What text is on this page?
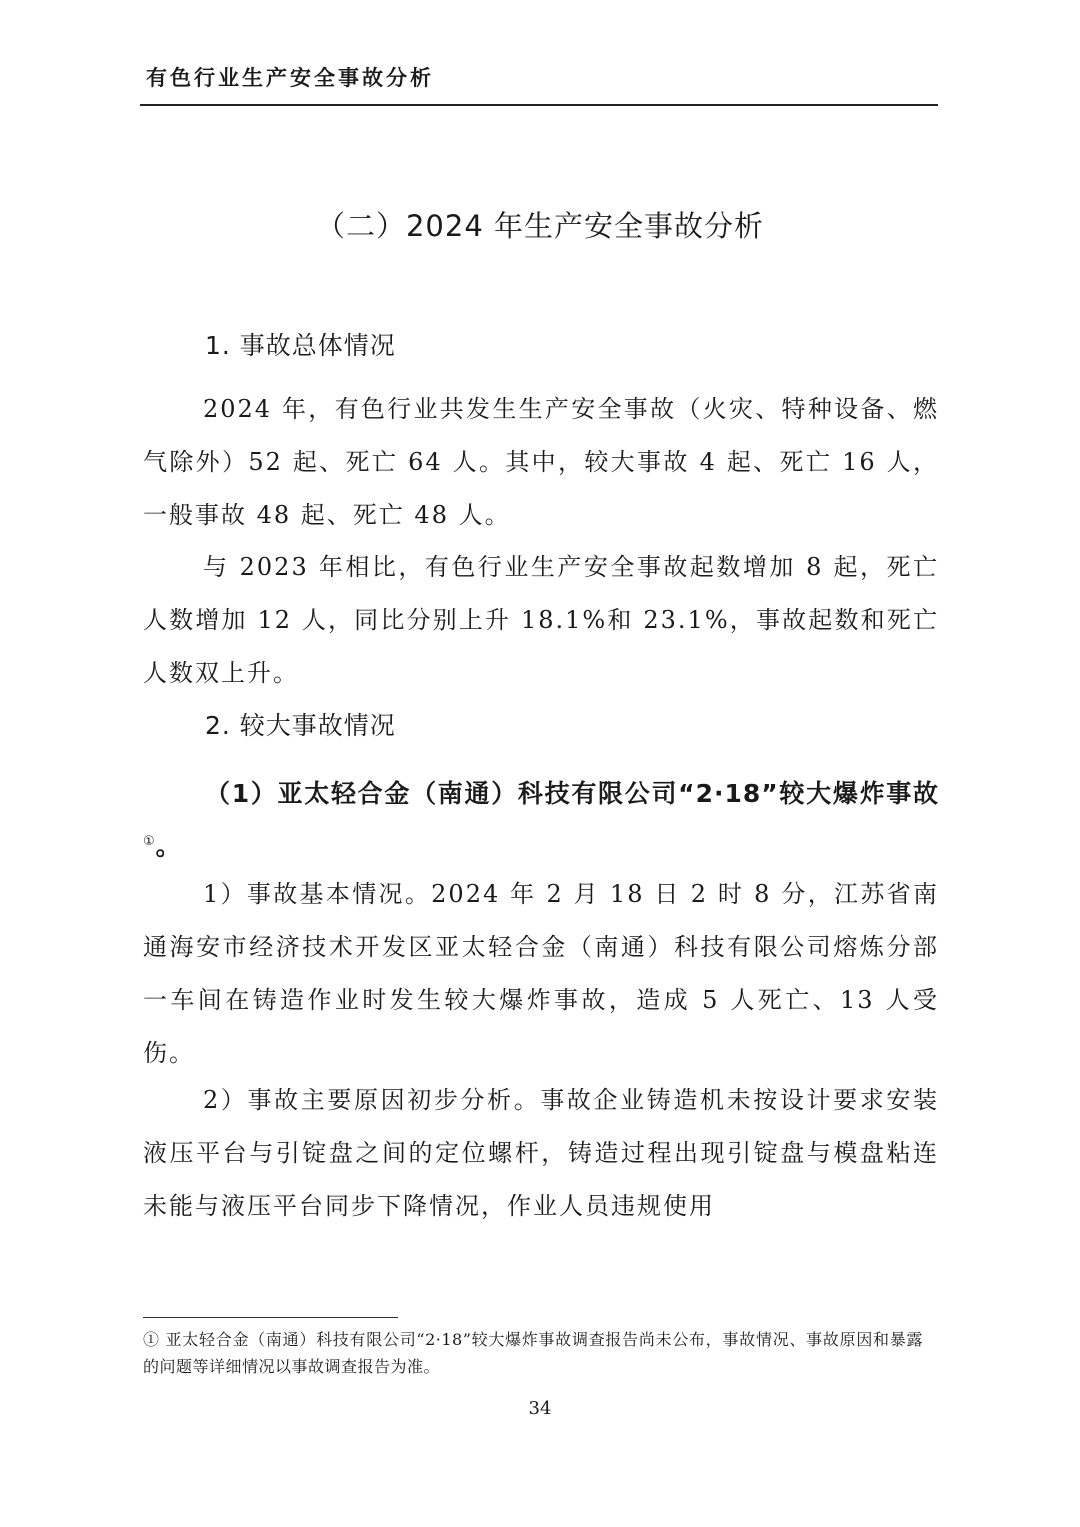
有色行业生产安全事故分析
（二）2024 年生产安全事故分析
1. 事故总体情况
2024 年，有色行业共发生生产安全事故（火灾、特种设备、燃气除外）52 起、死亡 64 人。其中，较大事故 4 起、死亡 16 人，一般事故 48 起、死亡 48 人。
与 2023 年相比，有色行业生产安全事故起数增加 8 起，死亡人数增加 12 人，同比分别上升 18.1%和 23.1%，事故起数和死亡人数双上升。
2. 较大事故情况
（1）亚太轻合金（南通）科技有限公司“2·18”较大爆炸事故①。
1）事故基本情况。2024 年 2 月 18 日 2 时 8 分，江苏省南通海安市经济技术开发区亚太轻合金（南通）科技有限公司熔炼分部一车间在铸造作业时发生较大爆炸事故，造成 5 人死亡、13 人受伤。
2）事故主要原因初步分析。事故企业铸造机未按设计要求安装液压平台与引锭盘之间的定位螺杆，铸造过程出现引锭盘与模盘粘连未能与液压平台同步下降情况，作业人员违规使用
① 亚太轻合金（南通）科技有限公司“2·18”较大爆炸事故调查报告尚未公布，事故情况、事故原因和暴露的问题等详细情况以事故调查报告为准。
34
